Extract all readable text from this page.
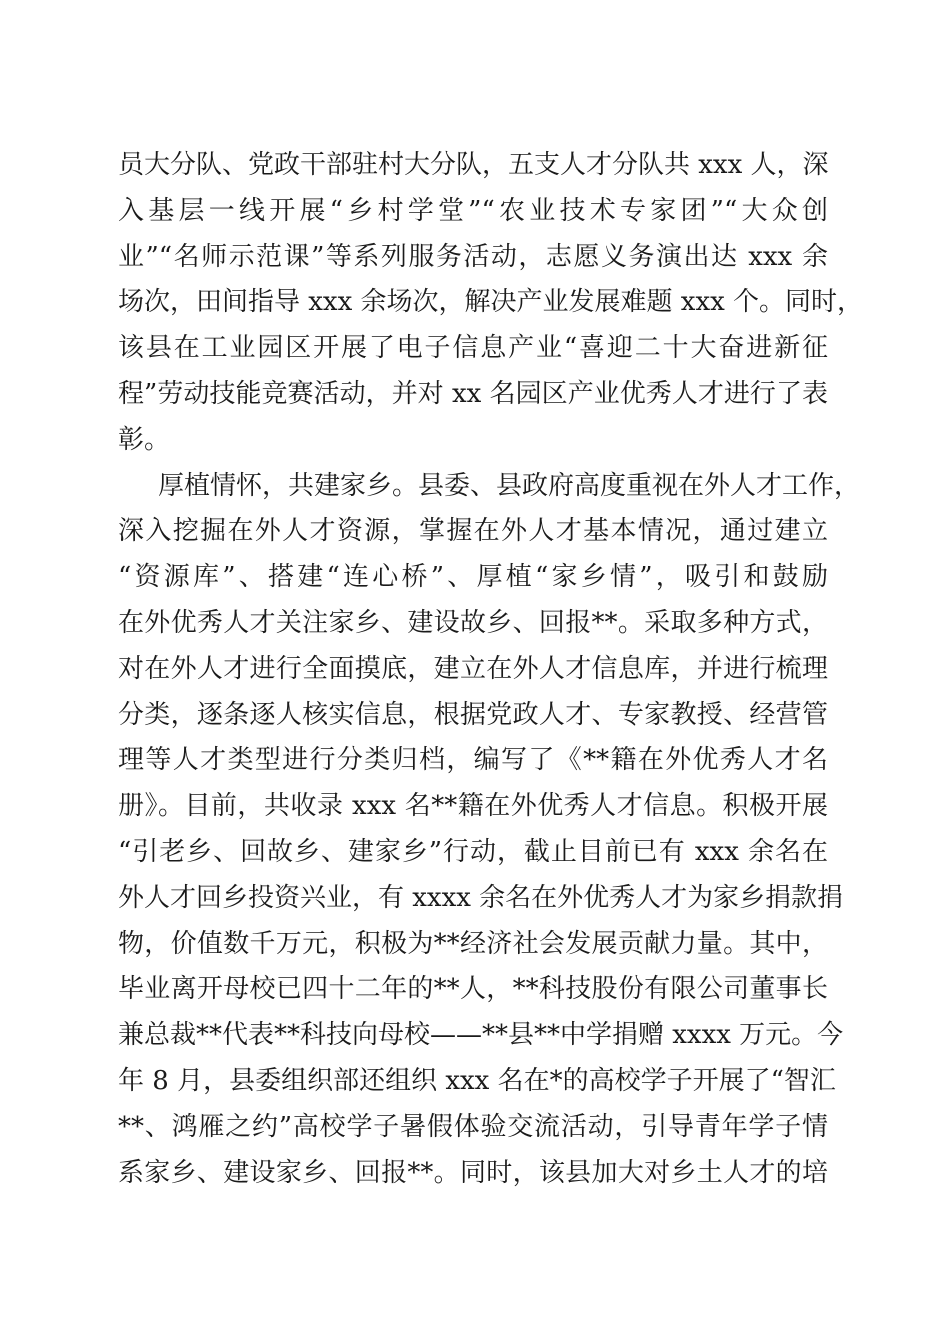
员大分队、党政干部驻村大分队，五支人才分队共 xxx 人，深
入基层一线开展“乡村学堂”“农业技术专家团”“大众创
业”“名师示范课”等系列服务活动，志愿义务演出达 xxx 余
场次，田间指导 xxx 余场次，解决产业发展难题 xxx 个。同时，
该县在工业园区开展了电子信息产业“喜迎二十大奋进新征
程”劳动技能竞赛活动，并对 xx 名园区产业优秀人才进行了表
彰。
厚植情怀，共建家乡。县委、县政府高度重视在外人才工作，
深入挖掘在外人才资源，掌握在外人才基本情况，通过建立
“资源库”、搭建“连心桥”、厚植“家乡情”，吸引和鼓励
在外优秀人才关注家乡、建设故乡、回报**。采取多种方式，
对在外人才进行全面摸底，建立在外人才信息库，并进行梳理
分类，逐条逐人核实信息，根据党政人才、专家教授、经营管
理等人才类型进行分类归档，编写了《**籍在外优秀人才名
册》。目前，共收录 xxx 名**籍在外优秀人才信息。积极开展
“引老乡、回故乡、建家乡”行动，截止目前已有 xxx 余名在
外人才回乡投资兴业，有 xxxx 余名在外优秀人才为家乡捐款捐
物，价值数千万元，积极为**经济社会发展贡献力量。其中，
毕业离开母校已四十二年的**人，**科技股份有限公司董事长
兼总裁**代表**科技向母校——**县**中学捐赠 xxxx 万元。今
年 8 月，县委组织部还组织 xxx 名在*的高校学子开展了“智汇
**、鸿雁之约”高校学子暑假体验交流活动，引导青年学子情
系家乡、建设家乡、回报**。同时，该县加大对乡土人才的培
